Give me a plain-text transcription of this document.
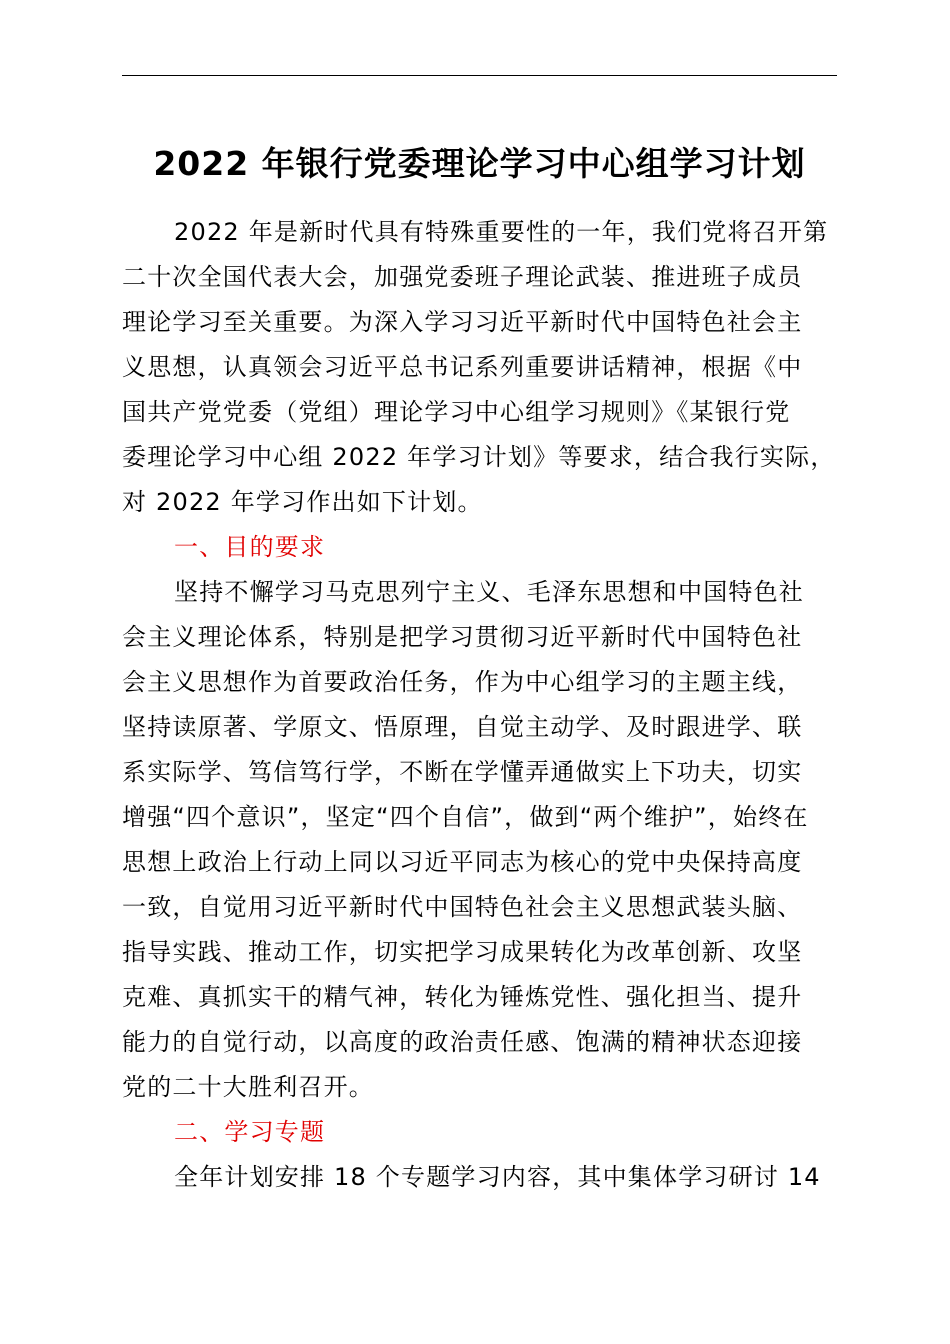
2022 年银行党委理论学习中心组学习计划
2022 年是新时代具有特殊重要性的一年，我们党将召开第
二十次全国代表大会，加强党委班子理论武装、推进班子成员
理论学习至关重要。为深入学习习近平新时代中国特色社会主
义思想，认真领会习近平总书记系列重要讲话精神，根据《中
国共产党党委（党组）理论学习中心组学习规则》《某银行党
委理论学习中心组 2022 年学习计划》等要求，结合我行实际，
对 2022 年学习作出如下计划。
一、目的要求
坚持不懈学习马克思列宁主义、毛泽东思想和中国特色社
会主义理论体系，特别是把学习贯彻习近平新时代中国特色社
会主义思想作为首要政治任务，作为中心组学习的主题主线，
坚持读原著、学原文、悟原理，自觉主动学、及时跟进学、联
系实际学、笃信笃行学，不断在学懂弄通做实上下功夫，切实
增强“四个意识”，坚定“四个自信”，做到“两个维护”，始终在
思想上政治上行动上同以习近平同志为核心的党中央保持高度
一致，自觉用习近平新时代中国特色社会主义思想武装头脑、
指导实践、推动工作，切实把学习成果转化为改革创新、攻坚
克难、真抓实干的精气神，转化为锤炼党性、强化担当、提升
能力的自觉行动，以高度的政治责任感、饱满的精神状态迎接
党的二十大胜利召开。
二、学习专题
全年计划安排 18 个专题学习内容，其中集体学习研讨 14
